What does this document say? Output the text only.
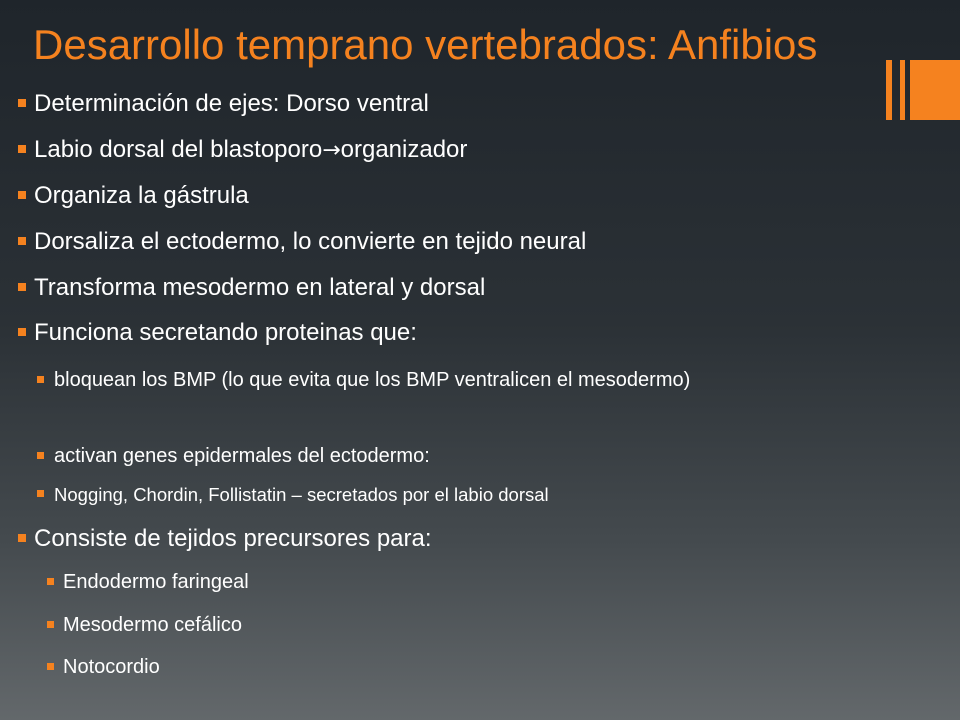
Desarrollo temprano vertebrados: Anfibios
Determinación de ejes: Dorso ventral
Labio dorsal del blastoporo→organizador
Organiza la gástrula
Dorsaliza el ectodermo, lo convierte en tejido neural
Transforma mesodermo en lateral y dorsal
Funciona secretando proteinas que:
bloquean los BMP (lo que evita que los BMP ventralicen el mesodermo)
activan genes epidermales del ectodermo:
Nogging, Chordin, Follistatin – secretados por el labio dorsal
Consiste de tejidos precursores para:
Endodermo faringeal
Mesodermo cefálico
Notocordio
